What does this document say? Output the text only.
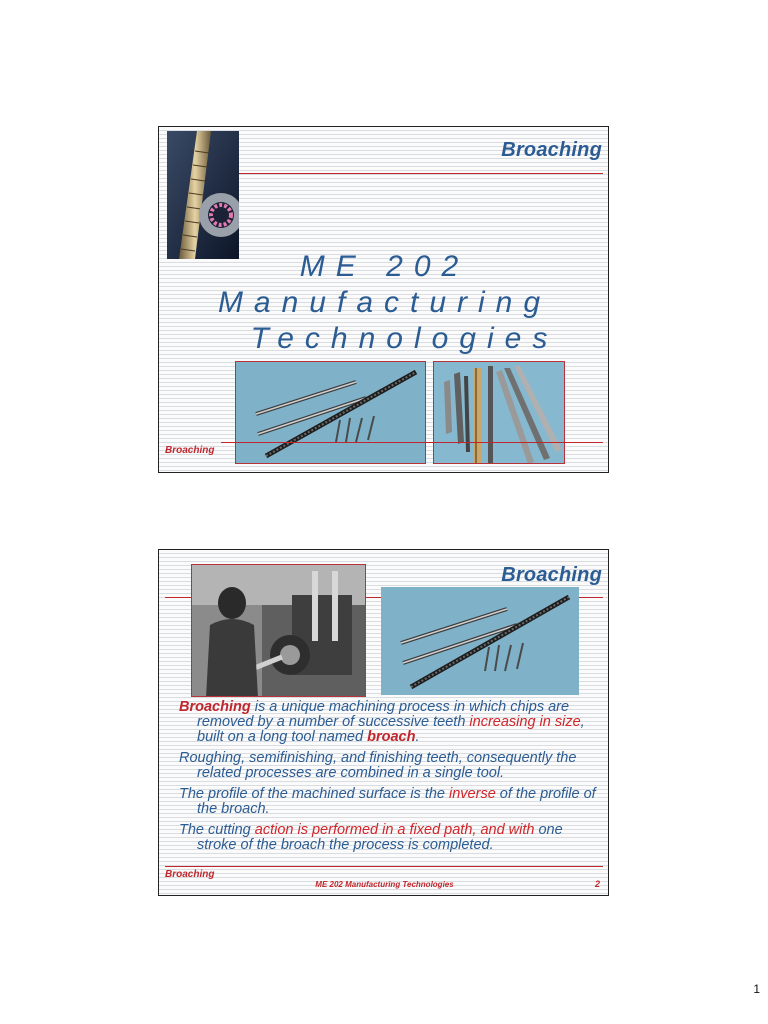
Broaching
ME 202
Manufacturing
Technologies
Broaching
Broaching

Broaching is a unique machining process in which chips are removed by a number of successive teeth increasing in size, built on a long tool named broach.

Roughing, semifinishing, and finishing teeth, consequently the related processes are combined in a single tool.

The profile of the machined surface is the inverse of the profile of the broach.

The cutting action is performed in a fixed path, and with one stroke of the broach the process is completed.

Broaching
ME 202 Manufacturing Technologies	2
1
